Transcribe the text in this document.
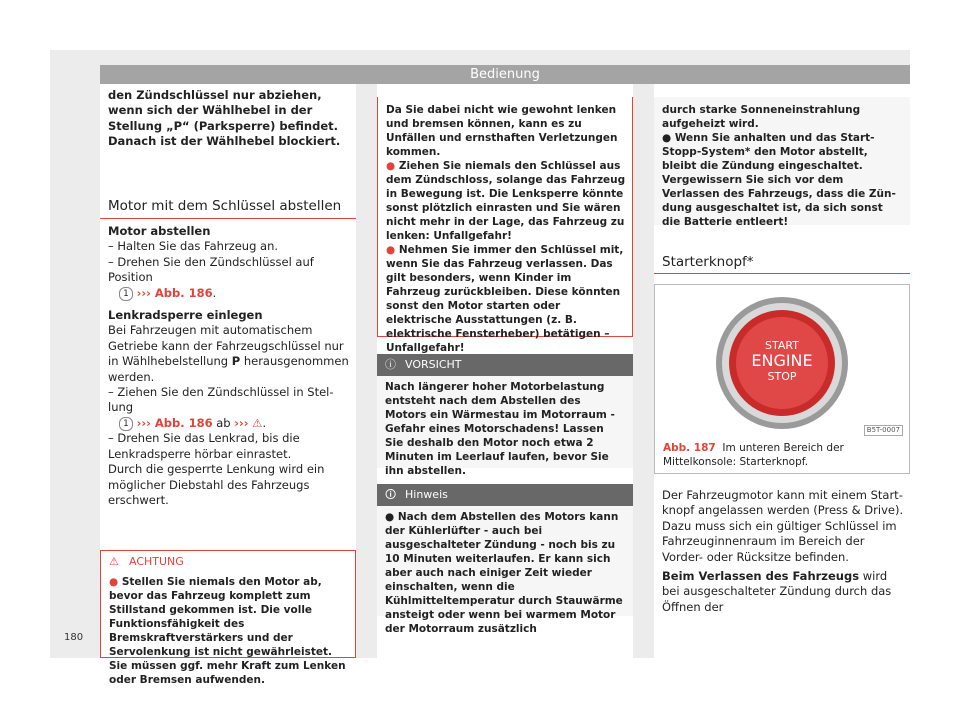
Bedienung

den Zündschlüssel nur abziehen, wenn sich der Wählhebel in der Stellung „P“ (Parksperre) befindet. Danach ist der Wählhebel blockiert.

Motor mit dem Schlüssel abstellen

Motor abstellen

– Halten Sie das Fahrzeug an.

– Drehen Sie den Zündschlüssel auf Position
1 ››› Abb. 186.

Lenkradsperre einlegen

Bei Fahrzeugen mit automatischem Getriebe kann der Fahrzeugschlüssel nur in Wählhebelstellung P herausgenommen werden.

– Ziehen Sie den Zündschlüssel in Stellung
1 ››› Abb. 186 ab ››› ⚠.

– Drehen Sie das Lenkrad, bis die Lenkradsperre hörbar einrastet.

Durch die gesperrte Lenkung wird ein möglicher Diebstahl des Fahrzeugs erschwert.

⚠ ACHTUNG

● Stellen Sie niemals den Motor ab, bevor das Fahrzeug komplett zum Stillstand gekommen ist. Die volle Funktionsfähigkeit des Bremskraftverstärkers und der Servolenkung ist nicht gewährleistet. Sie müssen ggf. mehr Kraft zum Lenken oder Bremsen aufwenden.

Da Sie dabei nicht wie gewohnt lenken und bremsen können, kann es zu Unfällen und ernsthaften Verletzungen kommen.

● Ziehen Sie niemals den Schlüssel aus dem Zündschloss, solange das Fahrzeug in Bewegung ist. Die Lenksperre könnte sonst plötzlich einrasten und Sie wären nicht mehr in der Lage, das Fahrzeug zu lenken: Unfallgefahr!

● Nehmen Sie immer den Schlüssel mit, wenn Sie das Fahrzeug verlassen. Das gilt besonders, wenn Kinder im Fahrzeug zurückbleiben. Diese könnten sonst den Motor starten oder elektrische Ausstattungen (z. B. elektrische Fensterheber) betätigen – Unfallgefahr!

ⓘ VORSICHT

Nach längerer hoher Motorbelastung entsteht nach dem Abstellen des Motors ein Wärmestau im Motorraum - Gefahr eines Motorschadens! Lassen Sie deshalb den Motor noch etwa 2 Minuten im Leerlauf laufen, bevor Sie ihn abstellen.

🛈 Hinweis

● Nach dem Abstellen des Motors kann der Kühlerlüfter - auch bei ausgeschalteter Zündung - noch bis zu 10 Minuten weiterlaufen. Er kann sich aber auch nach einiger Zeit wieder einschalten, wenn die Kühlmitteltemperatur durch Stauwärme ansteigt oder wenn bei warmem Motor der Motorraum zusätzlich

durch starke Sonneneinstrahlung aufgeheizt wird.

● Wenn Sie anhalten und das Start-Stopp-System* den Motor abstellt, bleibt die Zündung eingeschaltet. Vergewissern Sie sich vor dem Verlassen des Fahrzeugs, dass die Zündung ausgeschaltet ist, da sich sonst die Batterie entleert!

Starterknopf*
START
ENGINE
STOP
B5T-0007

Abb. 187 Im unteren Bereich der Mittelkonsole: Starterknopf.

Der Fahrzeugmotor kann mit einem Startknopf angelassen werden (Press & Drive). Dazu muss sich ein gültiger Schlüssel im Fahrzeuginnenraum im Bereich der Vorder- oder Rücksitze befinden.

Beim Verlassen des Fahrzeugs wird bei ausgeschalteter Zündung durch das Öffnen der

180
